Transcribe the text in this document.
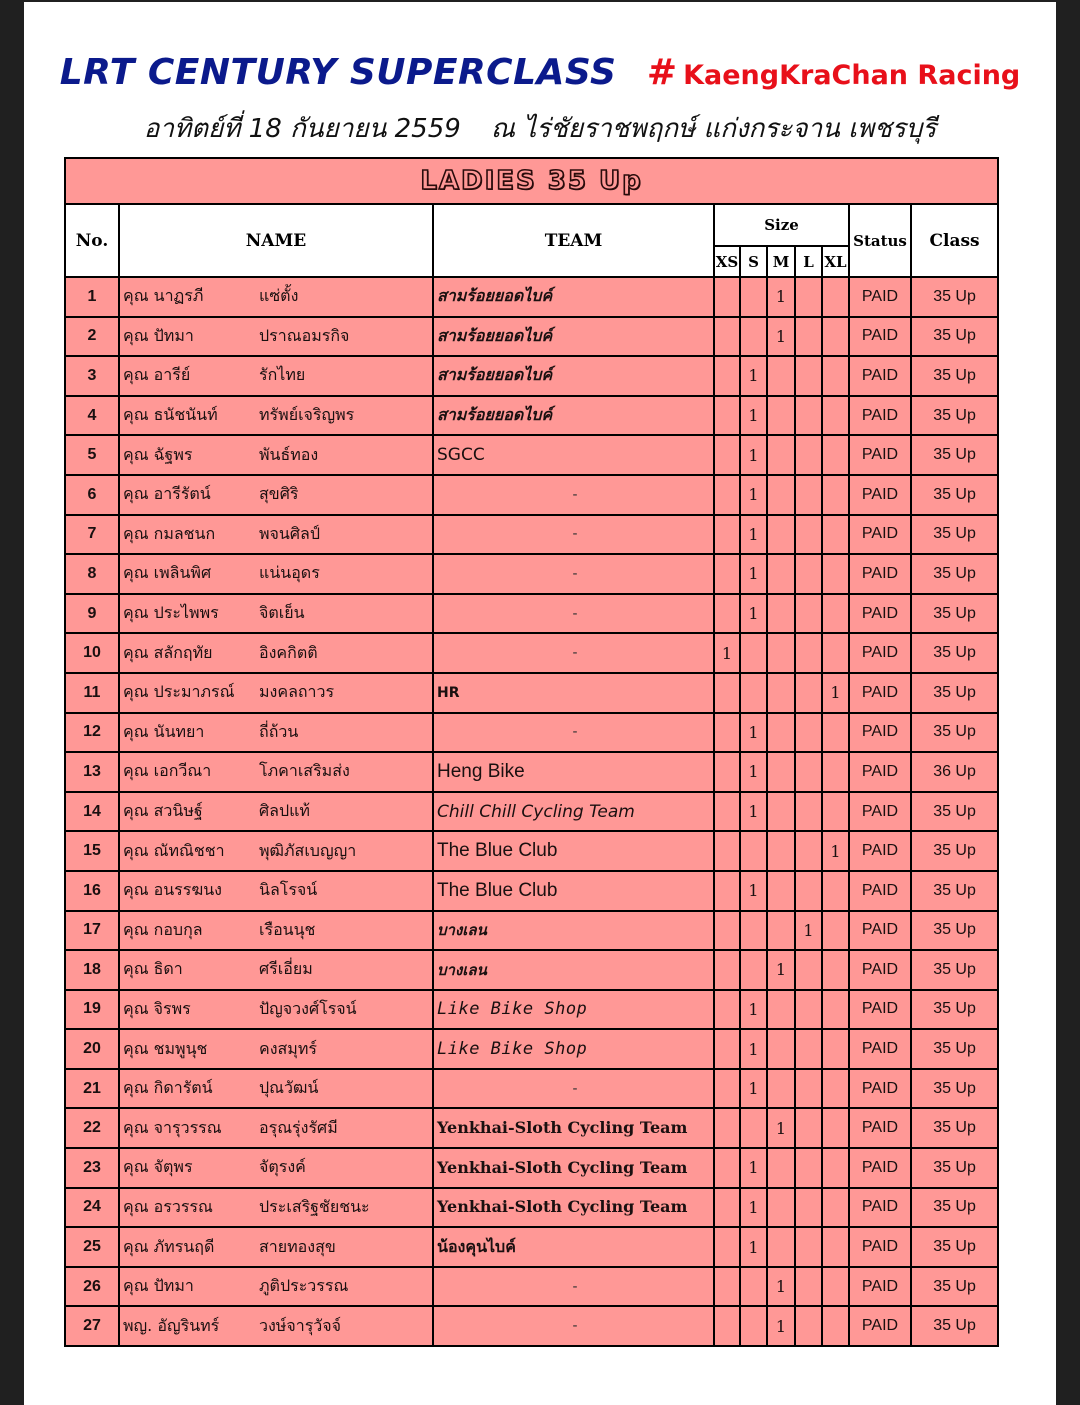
LRT CENTURY SUPERCLASS # KaengKraChan Racing
อาทิตย์ที่ 18 กันยายน 2559 ณ ไร่ชัยราชพฤกษ์ แก่งกระจาน เพชรบุรี
LADIES 35 Up									
No.	NAME	TEAM	Size					Status	Class
			XS	S	M	L	XL		
1	คุณ นาฏรภี แซ่ตั้ง	สามร้อยยอดไบค์			1			PAID	35 Up
2	คุณ ปัทมา ปราณอมรกิจ	สามร้อยยอดไบค์			1			PAID	35 Up
3	คุณ อารีย์ รักไทย	สามร้อยยอดไบค์		1				PAID	35 Up
4	คุณ ธนัชนันท์ ทรัพย์เจริญพร	สามร้อยยอดไบค์		1				PAID	35 Up
5	คุณ ฉัฐพร พันธ์ทอง	SGCC		1				PAID	35 Up
6	คุณ อารีรัตน์ สุขศิริ	-		1				PAID	35 Up
7	คุณ กมลชนก พจนศิลป์	-		1				PAID	35 Up
8	คุณ เพลินพิศ แน่นอุดร	-		1				PAID	35 Up
9	คุณ ประไพพร จิตเย็น	-		1				PAID	35 Up
10	คุณ สลักฤทัย อิงคกิตติ	-	1					PAID	35 Up
11	คุณ ประมาภรณ์ มงคลถาวร	HR					1	PAID	35 Up
12	คุณ นันทยา ถี่ถ้วน	-		1				PAID	35 Up
13	คุณ เอกวีณา โภคาเสริมส่ง	Heng Bike		1				PAID	36 Up
14	คุณ สวนิษฐ์ ศิลปแท้	Chill Chill Cycling Team		1				PAID	35 Up
15	คุณ ณัทณิชชา พุฒิภัสเบญญา	The Blue Club					1	PAID	35 Up
16	คุณ อนรรฆนง นิลโรจน์	The Blue Club		1				PAID	35 Up
17	คุณ กอบกุล เรือนนุช	บางเลน				1		PAID	35 Up
18	คุณ ธิดา ศรีเอี่ยม	บางเลน			1			PAID	35 Up
19	คุณ จิรพร ปัญจวงศ์โรจน์	Like Bike Shop		1				PAID	35 Up
20	คุณ ชมพูนุช คงสมุทร์	Like Bike Shop		1				PAID	35 Up
21	คุณ กิดารัตน์ ปุณวัฒน์	-		1				PAID	35 Up
22	คุณ จารุวรรณ อรุณรุ่งรัศมี	Yenkhai-Sloth Cycling Team			1			PAID	35 Up
23	คุณ จัตุพร จัตุรงค์	Yenkhai-Sloth Cycling Team		1				PAID	35 Up
24	คุณ อรวรรณ ประเสริฐชัยชนะ	Yenkhai-Sloth Cycling Team		1				PAID	35 Up
25	คุณ ภัทรนฤดี สายทองสุข	น้องคุนไบค์		1				PAID	35 Up
26	คุณ ปัทมา ภูติประวรรณ	-			1			PAID	35 Up
27	พญ. อัญรินทร์ วงษ์จารุวัจจ์	-			1			PAID	35 Up
